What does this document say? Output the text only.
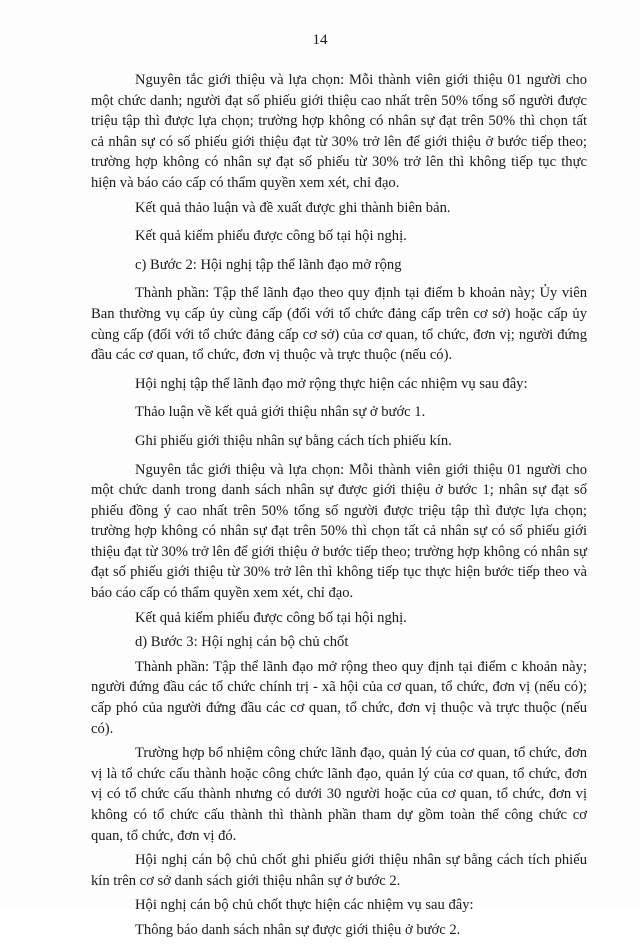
14

Nguyên tắc giới thiệu và lựa chọn: Mỗi thành viên giới thiệu 01 người cho một chức danh; người đạt số phiếu giới thiệu cao nhất trên 50% tổng số người được triệu tập thì được lựa chọn; trường hợp không có nhân sự đạt trên 50% thì chọn tất cả nhân sự có số phiếu giới thiệu đạt từ 30% trở lên để giới thiệu ở bước tiếp theo; trường hợp không có nhân sự đạt số phiếu từ 30% trở lên thì không tiếp tục thực hiện và báo cáo cấp có thẩm quyền xem xét, chỉ đạo.

Kết quả thảo luận và đề xuất được ghi thành biên bản.

Kết quả kiểm phiếu được công bố tại hội nghị.

c) Bước 2: Hội nghị tập thể lãnh đạo mở rộng

Thành phần: Tập thể lãnh đạo theo quy định tại điểm b khoản này; Ủy viên Ban thường vụ cấp ủy cùng cấp (đối với tổ chức đảng cấp trên cơ sở) hoặc cấp ủy cùng cấp (đối với tổ chức đảng cấp cơ sở) của cơ quan, tổ chức, đơn vị; người đứng đầu các cơ quan, tổ chức, đơn vị thuộc và trực thuộc (nếu có).

Hội nghị tập thể lãnh đạo mở rộng thực hiện các nhiệm vụ sau đây:

Thảo luận về kết quả giới thiệu nhân sự ở bước 1.

Ghi phiếu giới thiệu nhân sự bằng cách tích phiếu kín.

Nguyên tắc giới thiệu và lựa chọn: Mỗi thành viên giới thiệu 01 người cho một chức danh trong danh sách nhân sự được giới thiệu ở bước 1; nhân sự đạt số phiếu đồng ý cao nhất trên 50% tổng số người được triệu tập thì được lựa chọn; trường hợp không có nhân sự đạt trên 50% thì chọn tất cả nhân sự có số phiếu giới thiệu đạt từ 30% trở lên để giới thiệu ở bước tiếp theo; trường hợp không có nhân sự đạt số phiếu giới thiệu từ 30% trở lên thì không tiếp tục thực hiện bước tiếp theo và báo cáo cấp có thẩm quyền xem xét, chỉ đạo.

Kết quả kiểm phiếu được công bố tại hội nghị.

d) Bước 3: Hội nghị cán bộ chủ chốt

Thành phần: Tập thể lãnh đạo mở rộng theo quy định tại điểm c khoản này; người đứng đầu các tổ chức chính trị - xã hội của cơ quan, tổ chức, đơn vị (nếu có); cấp phó của người đứng đầu các cơ quan, tổ chức, đơn vị thuộc và trực thuộc (nếu có).

Trường hợp bổ nhiệm công chức lãnh đạo, quản lý của cơ quan, tổ chức, đơn vị là tổ chức cấu thành hoặc công chức lãnh đạo, quản lý của cơ quan, tổ chức, đơn vị có tổ chức cấu thành nhưng có dưới 30 người hoặc của cơ quan, tổ chức, đơn vị không có tổ chức cấu thành thì thành phần tham dự gồm toàn thể công chức cơ quan, tổ chức, đơn vị đó.

Hội nghị cán bộ chủ chốt ghi phiếu giới thiệu nhân sự bằng cách tích phiếu kín trên cơ sở danh sách giới thiệu nhân sự ở bước 2.

Hội nghị cán bộ chủ chốt thực hiện các nhiệm vụ sau đây:

Thông báo danh sách nhân sự được giới thiệu ở bước 2.
